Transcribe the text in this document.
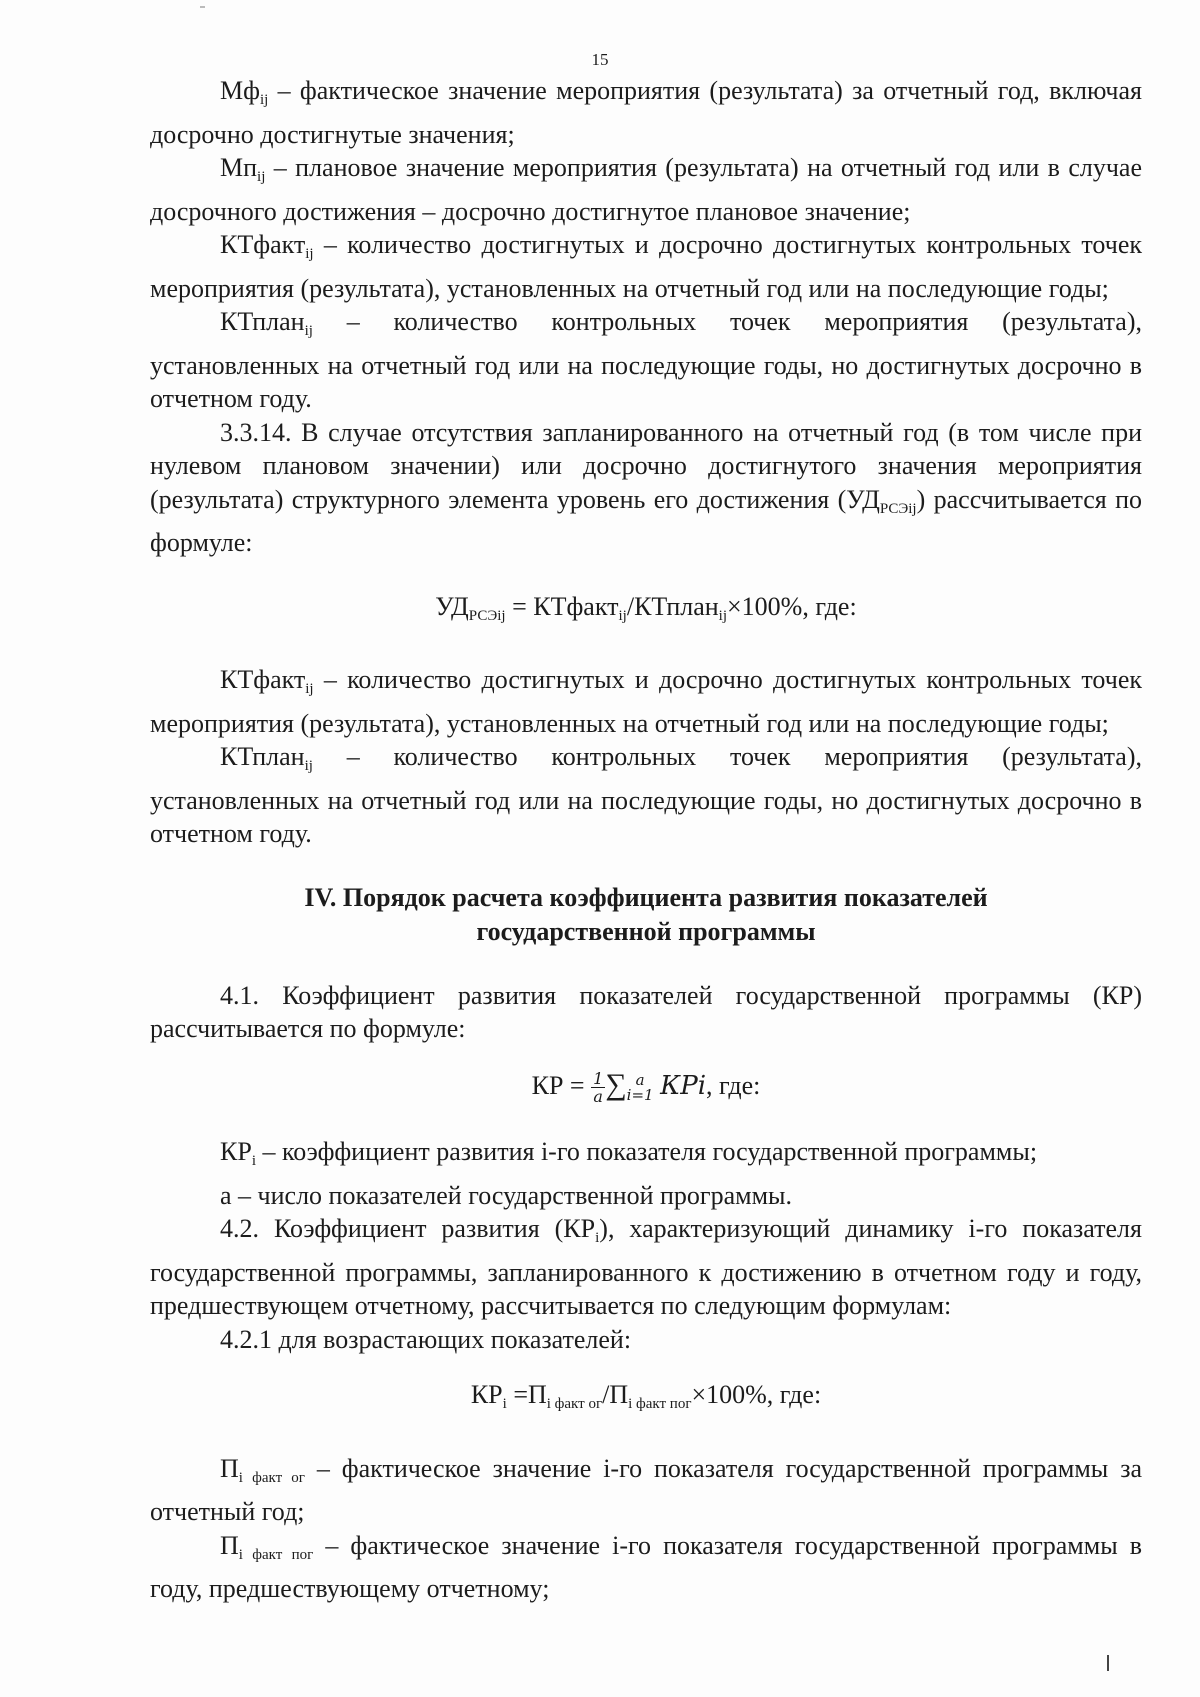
15

$Мф_{ij}$ – фактическое значение мероприятия (результата) за отчетный год, включая досрочно достигнутые значения;

$Мп_{ij}$ – плановое значение мероприятия (результата) на отчетный год или в случае досрочного достижения – досрочно достигнутое плановое значение;

КТфакт$_{ij}$ – количество достигнутых и досрочно достигнутых контрольных точек мероприятия (результата), установленных на отчетный год или на последующие годы;

КТплан$_{ij}$ – количество контрольных точек мероприятия (результата), установленных на отчетный год или на последующие годы, но достигнутых досрочно в отчетном году.

3.3.14. В случае отсутствия запланированного на отчетный год (в том числе при нулевом плановом значении) или досрочно достигнутого значения мероприятия (результата) структурного элемента уровень его достижения $(УД_{РСЭij})$ рассчитывается по формуле:

$УД_{РСЭij}$ = КТфакт$_{ij}$/КТплан$_{ij}$×100%, где:

КТфакт$_{ij}$ – количество достигнутых и досрочно достигнутых контрольных точек мероприятия (результата), установленных на отчетный год или на последующие годы;

КТплан$_{ij}$ – количество контрольных точек мероприятия (результата), установленных на отчетный год или на последующие годы, но достигнутых досрочно в отчетном году.

IV. Порядок расчета коэффициента развития показателей

государственной программы

4.1. Коэффициент развития показателей государственной программы (КР) рассчитывается по формуле:

КР = $\frac{1}{a}$ ∑ a
i=1 КРi, где:

$КР_i$ – коэффициент развития i-го показателя государственной программы;

а – число показателей государственной программы.

4.2. Коэффициент развития $(КР_i)$, характеризующий динамику i-го показателя государственной программы, запланированного к достижению в отчетном году и году, предшествующем отчетному, рассчитывается по следующим формулам:

4.2.1 для возрастающих показателей:

$КР_i =П_{i факт ог}/П_{i факт пог}\times 100\%$, где:

$П_{i факт ог}$ – фактическое значение i-го показателя государственной программы за отчетный год;

$П_{i факт пог}$ – фактическое значение i-го показателя государственной программы в году, предшествующему отчетному;
